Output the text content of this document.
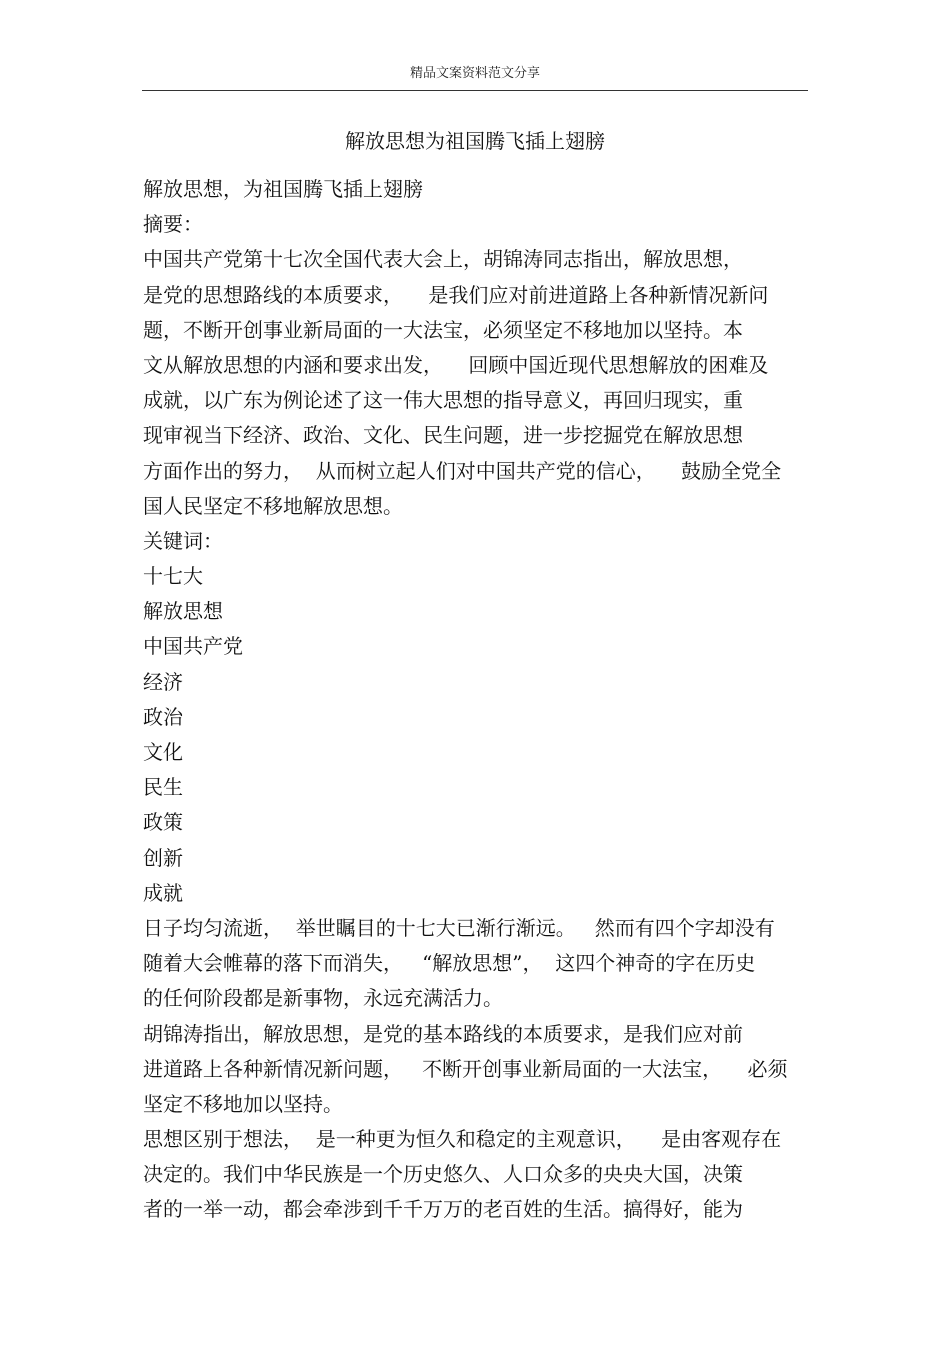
精品文案资料范文分享
解放思想为祖国腾飞插上翅膀
解放思想，为祖国腾飞插上翅膀
摘要：
中国共产党第十七次全国代表大会上，胡锦涛同志指出，解放思想，
是党的思想路线的本质要求，    是我们应对前进道路上各种新情况新问
题，不断开创事业新局面的一大法宝，必须坚定不移地加以坚持。本
文从解放思想的内涵和要求出发，    回顾中国近现代思想解放的困难及
成就，以广东为例论述了这一伟大思想的指导意义，再回归现实，重
现审视当下经济、政治、文化、民生问题，进一步挖掘党在解放思想
方面作出的努力，  从而树立起人们对中国共产党的信心，    鼓励全党全
国人民坚定不移地解放思想。
关键词：
十七大
解放思想
中国共产党
经济
政治
文化
民生
政策
创新
成就
日子均匀流逝，  举世瞩目的十七大已渐行渐远。   然而有四个字却没有
随着大会帷幕的落下而消失，   “解放思想”，  这四个神奇的字在历史
的任何阶段都是新事物，永远充满活力。
胡锦涛指出，解放思想，是党的基本路线的本质要求，是我们应对前
进道路上各种新情况新问题，   不断开创事业新局面的一大法宝，    必须
坚定不移地加以坚持。
思想区别于想法，  是一种更为恒久和稳定的主观意识，    是由客观存在
决定的。我们中华民族是一个历史悠久、人口众多的央央大国，决策
者的一举一动，都会牵涉到千千万万的老百姓的生活。搞得好，能为
